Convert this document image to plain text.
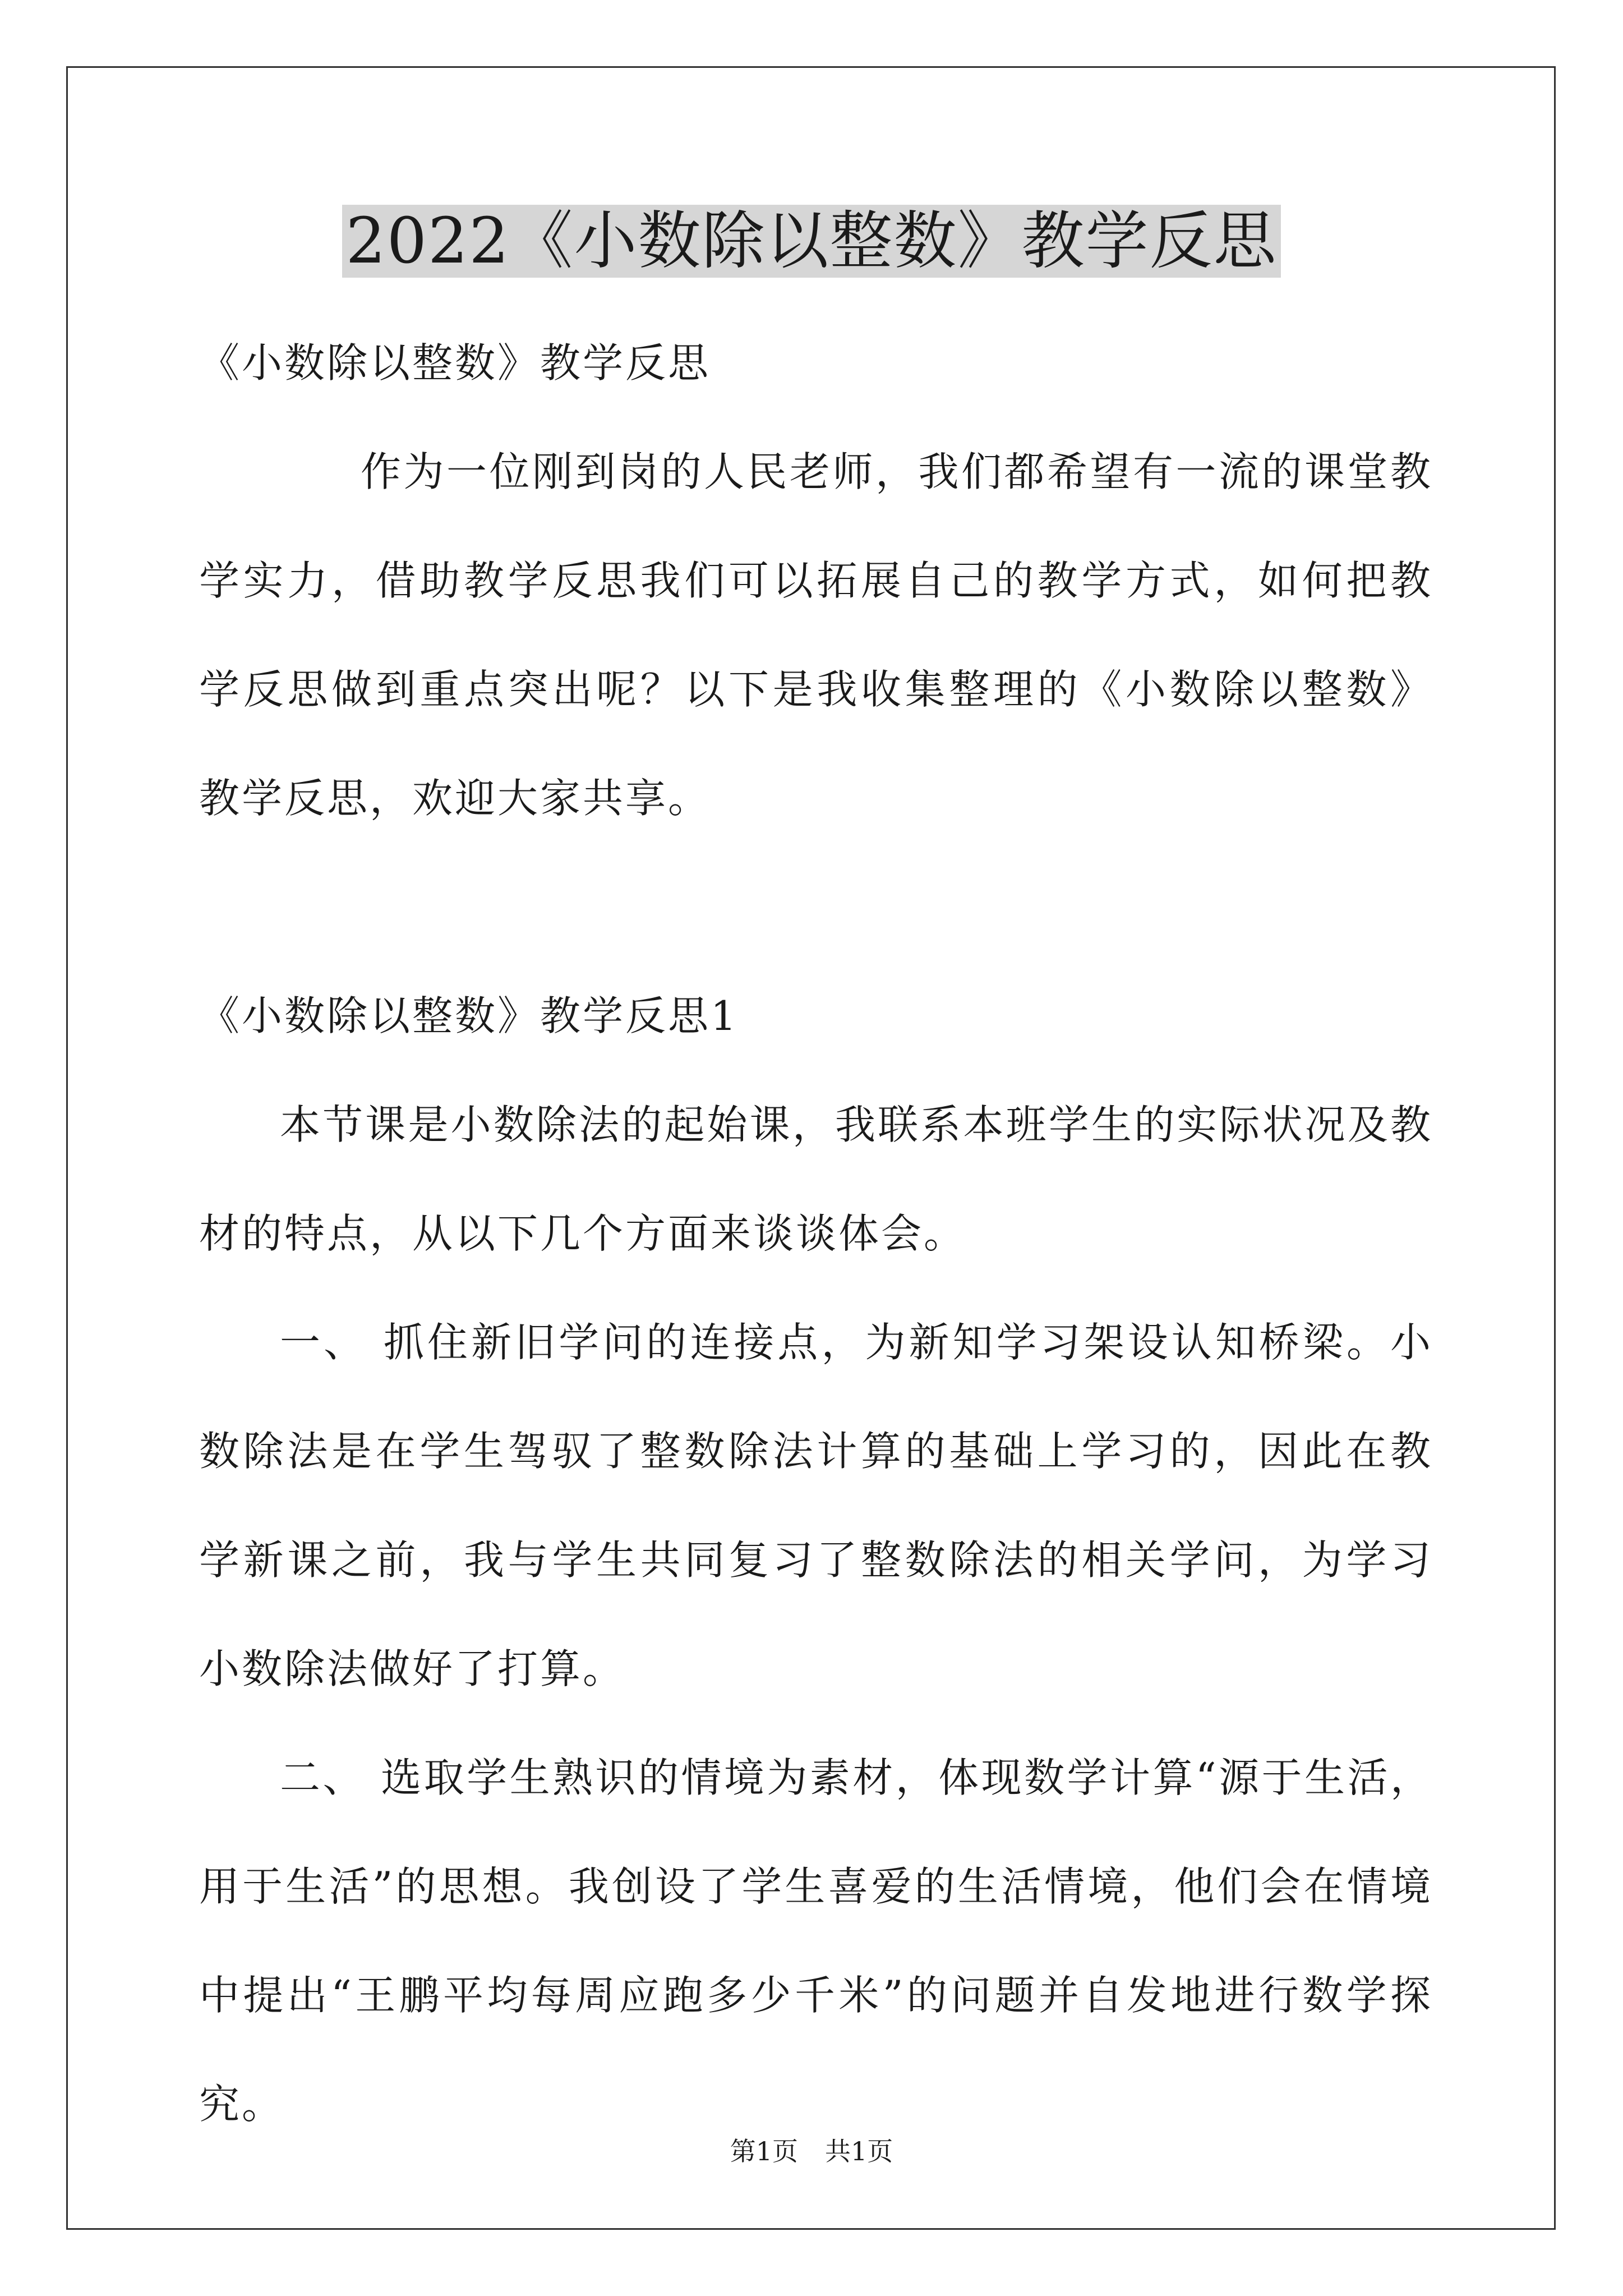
2022《小数除以整数》教学反思

《小数除以整数》教学反思

作为一位刚到岗的人民老师，我们都希望有一流的课堂教学实力，借助教学反思我们可以拓展自己的教学方式，如何把教学反思做到重点突出呢？以下是我收集整理的《小数除以整数》教学反思，欢迎大家共享。

《小数除以整数》教学反思1

本节课是小数除法的起始课，我联系本班学生的实际状况及教材的特点，从以下几个方面来谈谈体会。

一、 抓住新旧学问的连接点，为新知学习架设认知桥梁。小数除法是在学生驾驭了整数除法计算的基础上学习的，因此在教学新课之前，我与学生共同复习了整数除法的相关学问，为学习小数除法做好了打算。

二、 选取学生熟识的情境为素材，体现数学计算“源于生活，用于生活”的思想。我创设了学生喜爱的生活情境，他们会在情境中提出“王鹏平均每周应跑多少千米”的问题并自发地进行数学探究。

第1页 共1页
